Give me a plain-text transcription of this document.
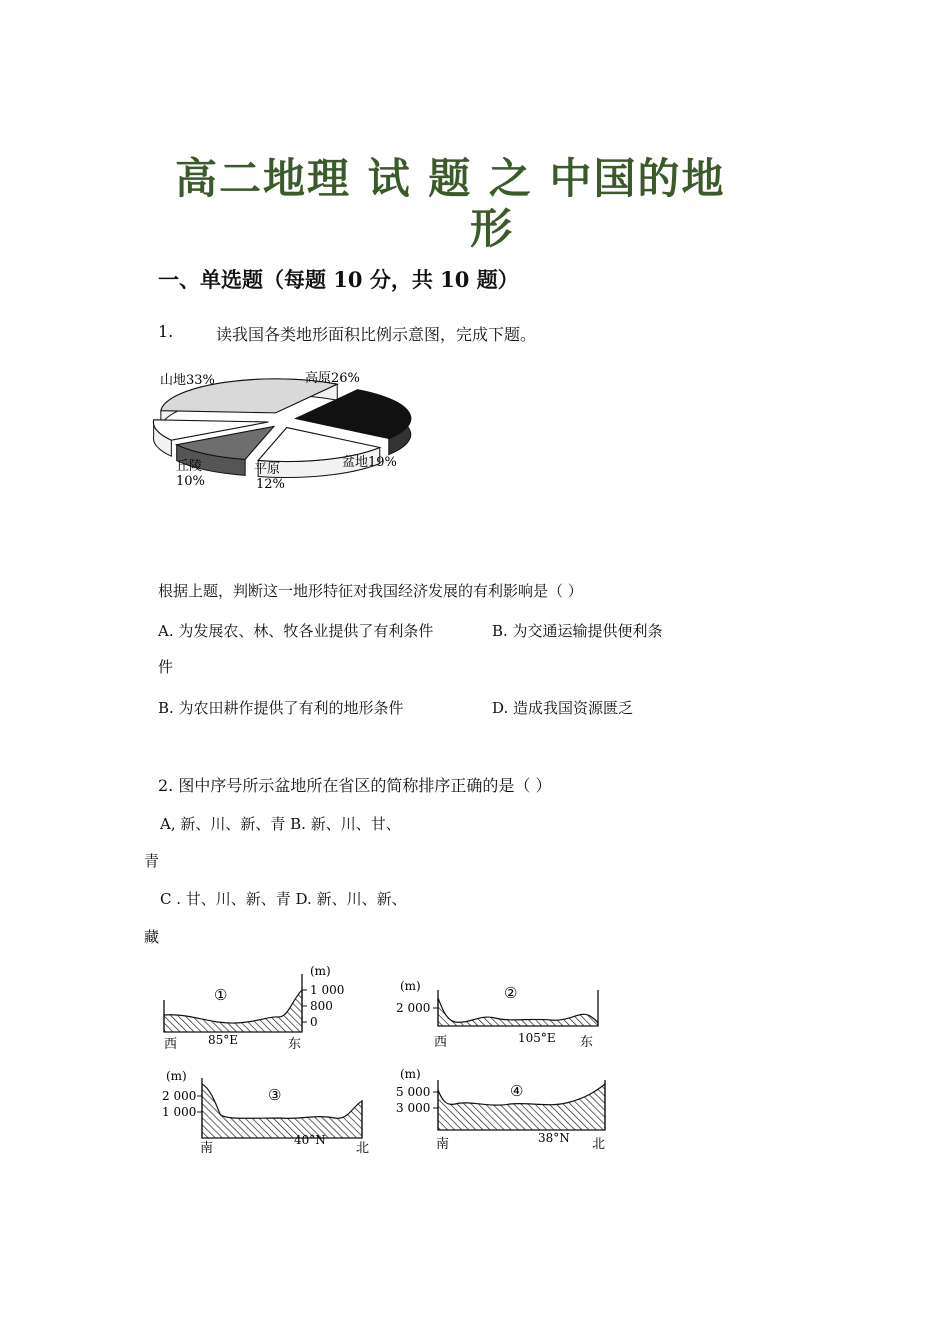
高二地理 试 题 之 中国的地
形
一、单选题（每题 10 分，共 10 题）
1.	读我国各类地形面积比例示意图，完成下题。
山地33%	高原26%
丘陵
10%
平原
12%
盆地19%
根据上题，判断这一地形特征对我国经济发展的有利影响是（ ）
A. 为发展农、林、牧各业提供了有利条件	B. 为交通运输提供便利条
件
B. 为农田耕作提供了有利的地形条件	D. 造成我国资源匮乏
2. 图中序号所示盆地所在省区的简称排序正确的是（ ）
A, 新、川、新、青 B. 新、川、甘、
青
C . 甘、川、新、青 D. 新、川、新、
藏
①
(m)
1 000
800
0
西	85°E	东
②
(m)
2 000
西	105°E 东
③
(m)
2 000
1 000
南
40°N
北
④
(m)
5 000
3 000
南	38°N 北
